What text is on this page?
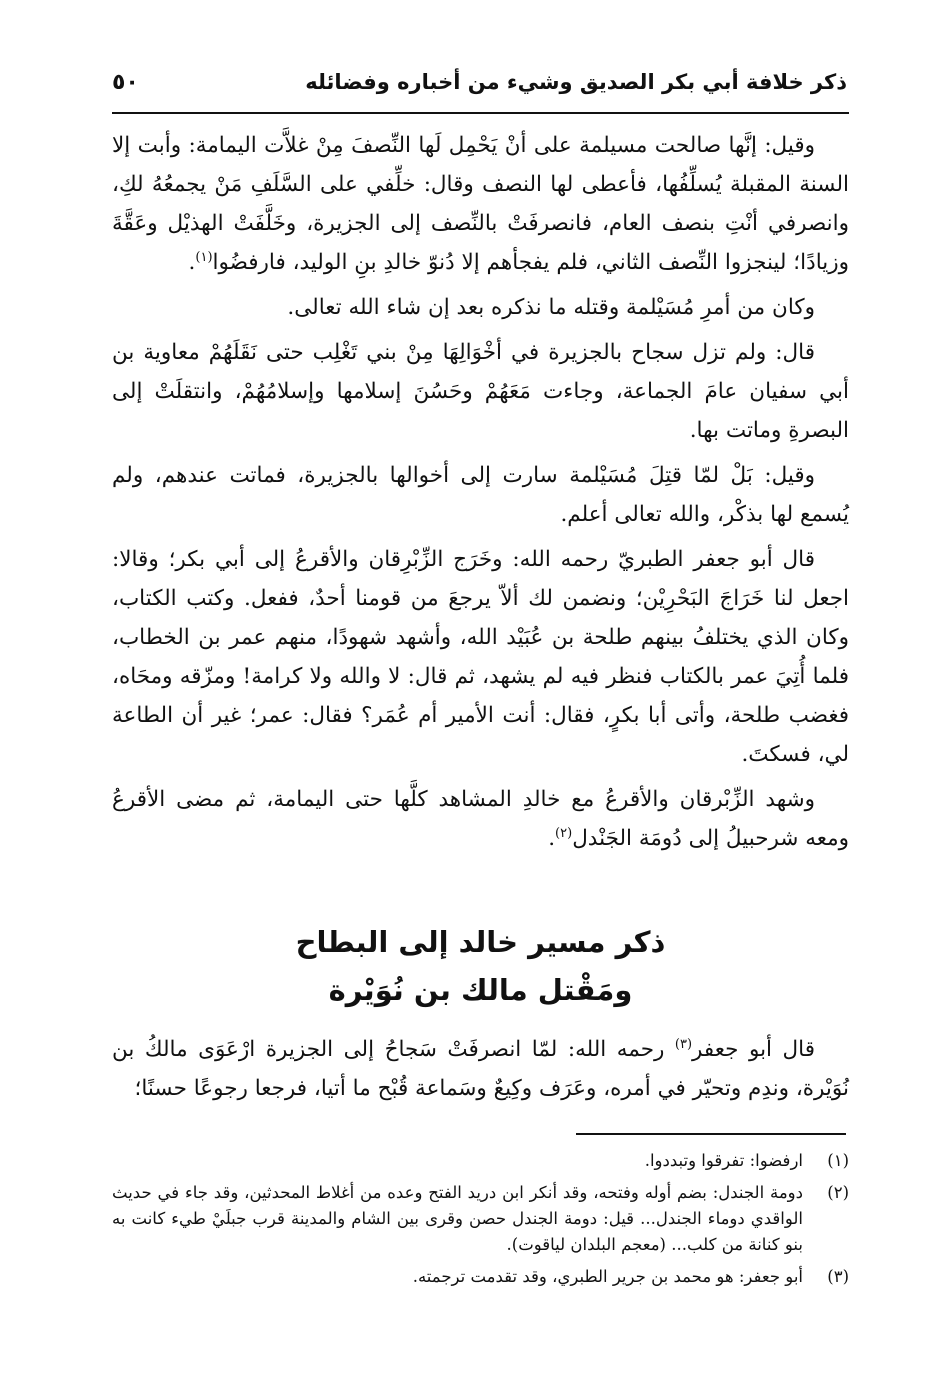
ذكر خلافة أبي بكر الصديق وشيء من أخباره وفضائله
٥٠

وقيل: إنَّها صالحت مسيلمة على أنْ يَحْمِل لَها النِّصفَ مِنْ غلاَّت اليمامة: وأبت إلا السنة المقبلة يُسلِّفُها، فأعطى لها النصف وقال: خلِّفي على السَّلَفِ مَنْ يجمعُهُ لكِ، وانصرفي أنْتِ بنصف العام، فانصرفَتْ بالنِّصف إلى الجزيرة، وخَلَّفَتْ الهذيْل وعَقَّةَ وزيادًا؛ لينجزوا النِّصف الثاني، فلم يفجأهم إلا دُنوّ خالدِ بنِ الوليد، فارفضُوا$^{(١)}$.

وكان من أمرِ مُسَيْلمة وقتله ما نذكره بعد إن شاء الله تعالى.

قال: ولم تزل سجاح بالجزيرة في أخْوَالِهَا مِنْ بني تَغْلِب حتى نَقَلَهُمْ معاوية بن أبي سفيان عامَ الجماعة، وجاءت مَعَهُمْ وحَسُنَ إسلامها وإسلامُهُمْ، وانتقلَتْ إلى البصرةِ وماتت بها.

وقيل: بَلْ لمّا قتِلَ مُسَيْلمة سارت إلى أخوالها بالجزيرة، فماتت عندهم، ولم يُسمع لها بذكْر، والله تعالى أعلم.

قال أبو جعفر الطبريّ رحمه الله: وخَرَج الزِّبْرِقان والأقرعُ إلى أبي بكر؛ وقالا: اجعل لنا خَرَاجَ البَحْرِيْن؛ ونضمن لك ألاّ يرجعَ من قومنا أحدٌ، ففعل. وكتب الكتاب، وكان الذي يختلفُ بينهم طلحة بن عُبَيْد الله، وأشهد شهودًا، منهم عمر بن الخطاب، فلما أُتِيَ عمر بالكتاب فنظر فيه لم يشهد، ثم قال: لا والله ولا كرامة! ومزّقه ومحَاه، فغضب طلحة، وأتى أبا بكرٍ، فقال: أنت الأمير أم عُمَر؟ فقال: عمر؛ غير أن الطاعة لي، فسكتَ.

وشهد الزِّبْرقان والأقرعُ مع خالدِ المشاهد كلَّها حتى اليمامة، ثم مضى الأقرعُ ومعه شرحبيلُ إلى دُومَة الجَنْدل$^{(٢)}$.

ذكر مسير خالد إلى البطاح
ومَقْتل مالك بن نُوَيْرة

قال أبو جعفر$^{(٣)}$ رحمه الله: لمّا انصرفَتْ سَجاحُ إلى الجزيرة ارْعَوَى مالكُ بن نُوَيْرة، وندِم وتحيّر في أمره، وعَرَف وكِيعٌ وسَماعة قُبْح ما أتيا، فرجعا رجوعًا حسنًا؛

(١)
ارفضوا: تفرقوا وتبددوا.
(٢)
دومة الجندل: بضم أوله وفتحه، وقد أنكر ابن دريد الفتح وعده من أغلاط المحدثين، وقد جاء في حديث الواقدي دوماء الجندل... قيل: دومة الجندل حصن وقرى بين الشام والمدينة قرب جبلَيْ طيء كانت به بنو كنانة من كلب... (معجم البلدان لياقوت).
(٣)
أبو جعفر: هو محمد بن جرير الطبري، وقد تقدمت ترجمته.
